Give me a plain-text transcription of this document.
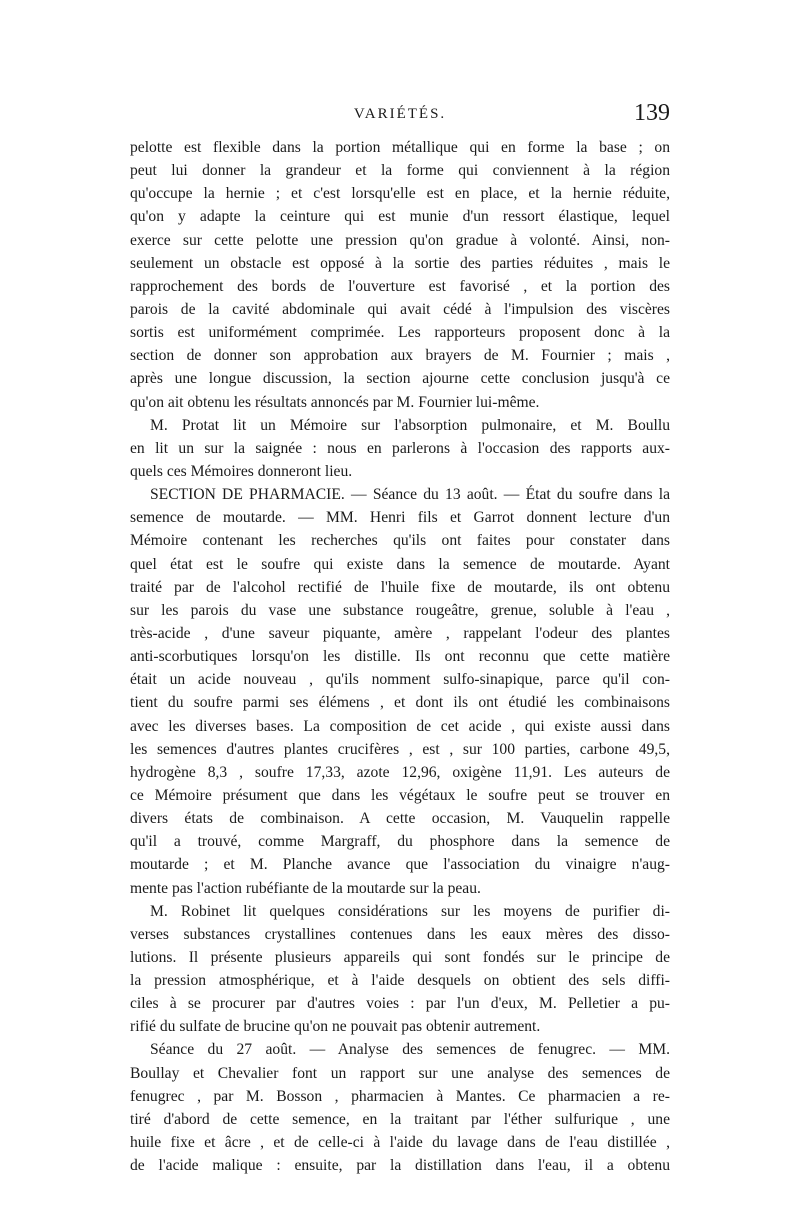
VARIÉTÉS.	139
pelotte est flexible dans la portion métallique qui en forme la base ; on
peut lui donner la grandeur et la forme qui conviennent à la région
qu'occupe la hernie ; et c'est lorsqu'elle est en place, et la hernie réduite,
qu'on y adapte la ceinture qui est munie d'un ressort élastique, lequel
exerce sur cette pelotte une pression qu'on gradue à volonté. Ainsi, non-
seulement un obstacle est opposé à la sortie des parties réduites , mais le
rapprochement des bords de l'ouverture est favorisé , et la portion des
parois de la cavité abdominale qui avait cédé à l'impulsion des viscères
sortis est uniformément comprimée. Les rapporteurs proposent donc à la
section de donner son approbation aux brayers de M. Fournier ; mais ,
après une longue discussion, la section ajourne cette conclusion jusqu'à ce
qu'on ait obtenu les résultats annoncés par M. Fournier lui-même.
M. Protat lit un Mémoire sur l'absorption pulmonaire, et M. Boullu
en lit un sur la saignée : nous en parlerons à l'occasion des rapports aux-
quels ces Mémoires donneront lieu.
SECTION DE PHARMACIE. — Séance du 13 août. — État du soufre dans la
semence de moutarde. — MM. Henri fils et Garrot donnent lecture d'un
Mémoire contenant les recherches qu'ils ont faites pour constater dans
quel état est le soufre qui existe dans la semence de moutarde. Ayant
traité par de l'alcohol rectifié de l'huile fixe de moutarde, ils ont obtenu
sur les parois du vase une substance rougeâtre, grenue, soluble à l'eau ,
très-acide , d'une saveur piquante, amère , rappelant l'odeur des plantes
anti-scorbutiques lorsqu'on les distille. Ils ont reconnu que cette matière
était un acide nouveau , qu'ils nomment sulfo-sinapique, parce qu'il con-
tient du soufre parmi ses élémens , et dont ils ont étudié les combinaisons
avec les diverses bases. La composition de cet acide , qui existe aussi dans
les semences d'autres plantes crucifères , est , sur 100 parties, carbone 49,5,
hydrogène 8,3 , soufre 17,33, azote 12,96, oxigène 11,91. Les auteurs de
ce Mémoire présument que dans les végétaux le soufre peut se trouver en
divers états de combinaison. A cette occasion, M. Vauquelin rappelle
qu'il a trouvé, comme Margraff, du phosphore dans la semence de
moutarde ; et M. Planche avance que l'association du vinaigre n'aug-
mente pas l'action rubéfiante de la moutarde sur la peau.
M. Robinet lit quelques considérations sur les moyens de purifier di-
verses substances crystallines contenues dans les eaux mères des disso-
lutions. Il présente plusieurs appareils qui sont fondés sur le principe de
la pression atmosphérique, et à l'aide desquels on obtient des sels diffi-
ciles à se procurer par d'autres voies : par l'un d'eux, M. Pelletier a pu-
rifié du sulfate de brucine qu'on ne pouvait pas obtenir autrement.
Séance du 27 août. — Analyse des semences de fenugrec. — MM.
Boullay et Chevalier font un rapport sur une analyse des semences de
fenugrec , par M. Bosson , pharmacien à Mantes. Ce pharmacien a re-
tiré d'abord de cette semence, en la traitant par l'éther sulfurique , une
huile fixe et âcre , et de celle-ci à l'aide du lavage dans de l'eau distillée ,
de l'acide malique : ensuite, par la distillation dans l'eau, il a obtenu
